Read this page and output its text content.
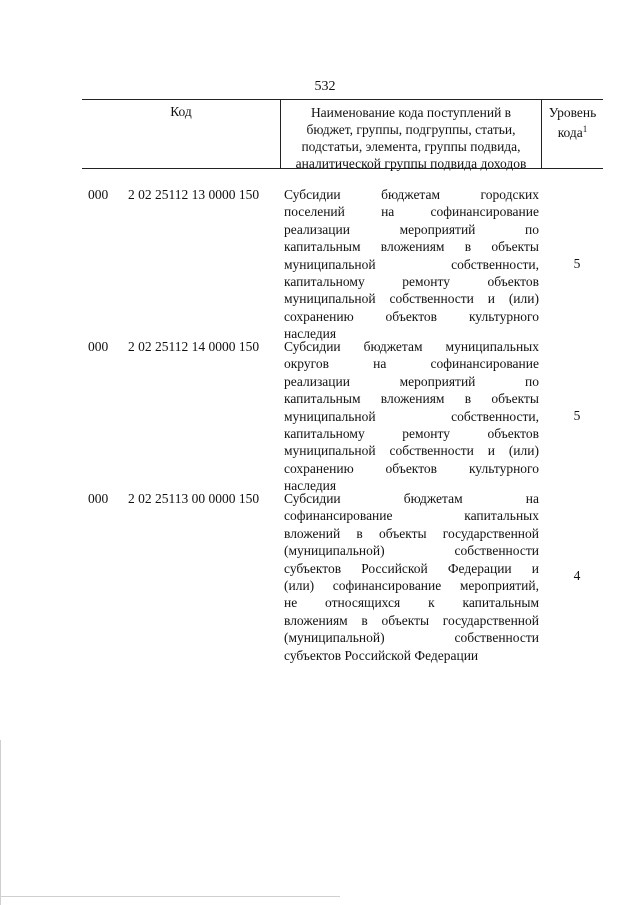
532
Код	Наименование кода поступлений в
бюджет, группы, подгруппы, статьи,
подстатьи, элемента, группы подвида,
аналитической группы подвида доходов
Уровень
кода$^1$
000	2 02 25112 13 0000 150	Субсидии бюджетам городских
поселений на софинансирование
реализации мероприятий по
капитальным вложениям в объекты
муниципальной собственности,
капитальному ремонту объектов
муниципальной собственности и (или)
сохранению объектов культурного
наследия
5
000	2 02 25112 14 0000 150	Субсидии бюджетам муниципальных
округов на софинансирование
реализации мероприятий по
капитальным вложениям в объекты
муниципальной собственности,
капитальному ремонту объектов
муниципальной собственности и (или)
сохранению объектов культурного
наследия
5
000	2 02 25113 00 0000 150	Субсидии бюджетам на
софинансирование капитальных
вложений в объекты государственной
(муниципальной) собственности
субъектов Российской Федерации и
(или) софинансирование мероприятий,
не относящихся к капитальным
вложениям в объекты государственной
(муниципальной) собственности
субъектов Российской Федерации
4
